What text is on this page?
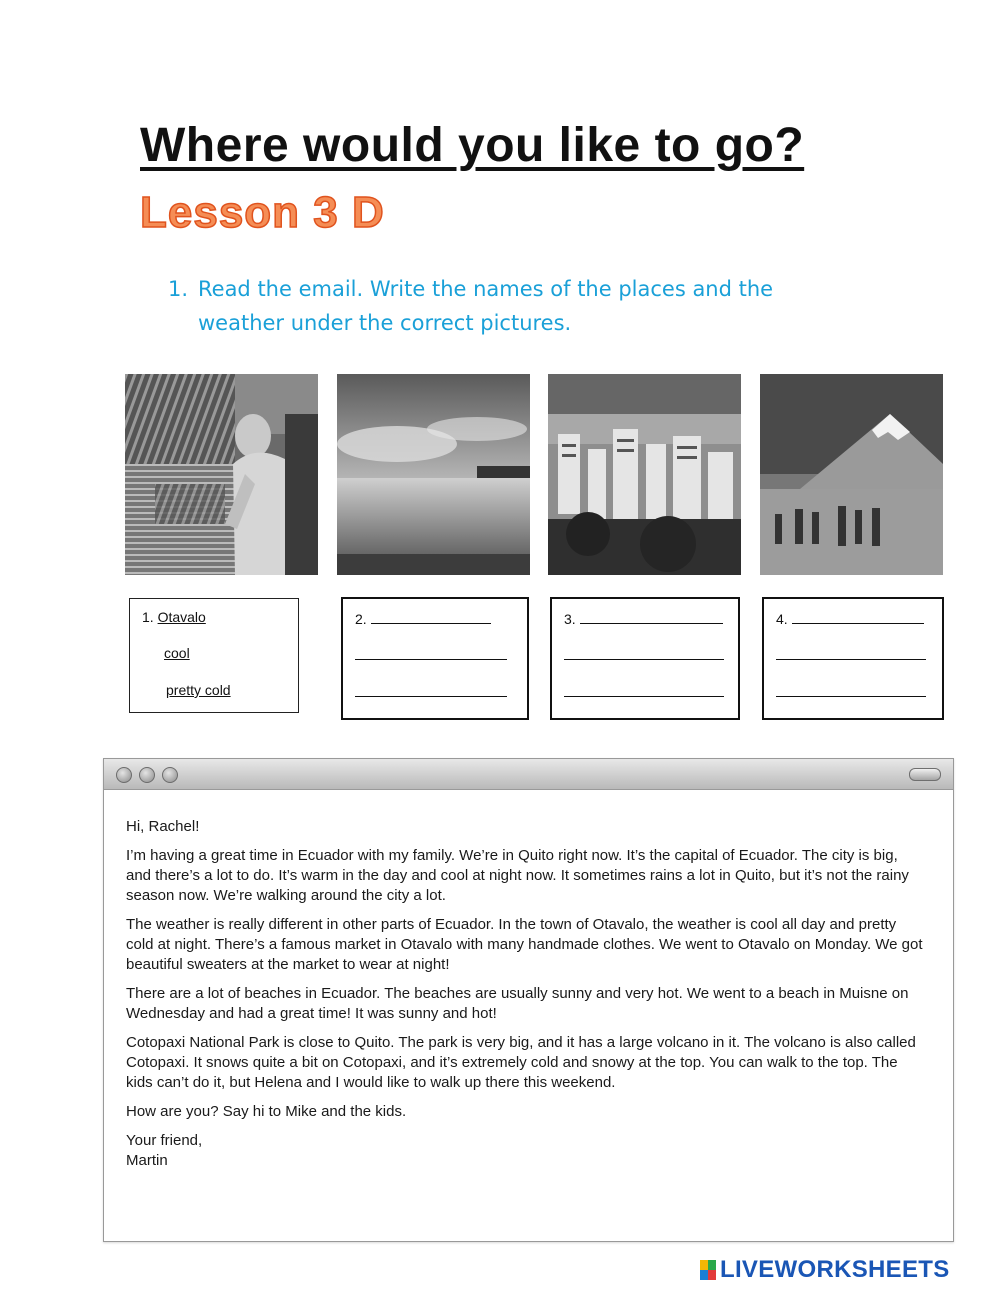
Where would you like to go?
Lesson 3 D
1. Read the email. Write the names of the places and the weather under the correct pictures.
1. Otavalo
cool
pretty cold
2.	3.	4.

Hi, Rachel!

I’m having a great time in Ecuador with my family. We’re in Quito right now. It’s the capital of Ecuador. The city is big, and there’s a lot to do. It’s warm in the day and cool at night now. It sometimes rains a lot in Quito, but it’s not the rainy season now. We’re walking around the city a lot.

The weather is really different in other parts of Ecuador. In the town of Otavalo, the weather is cool all day and pretty cold at night. There’s a famous market in Otavalo with many handmade clothes. We went to Otavalo on Monday. We got beautiful sweaters at the market to wear at night!

There are a lot of beaches in Ecuador. The beaches are usually sunny and very hot. We went to a beach in Muisne on Wednesday and had a great time! It was sunny and hot!

Cotopaxi National Park is close to Quito. The park is very big, and it has a large volcano in it. The volcano is also called Cotopaxi. It snows quite a bit on Cotopaxi, and it’s extremely cold and snowy at the top. You can walk to the top. The kids can’t do it, but Helena and I would like to walk up there this weekend.

How are you? Say hi to Mike and the kids.

Your friend,
Martin
LIVEWORKSHEETS
